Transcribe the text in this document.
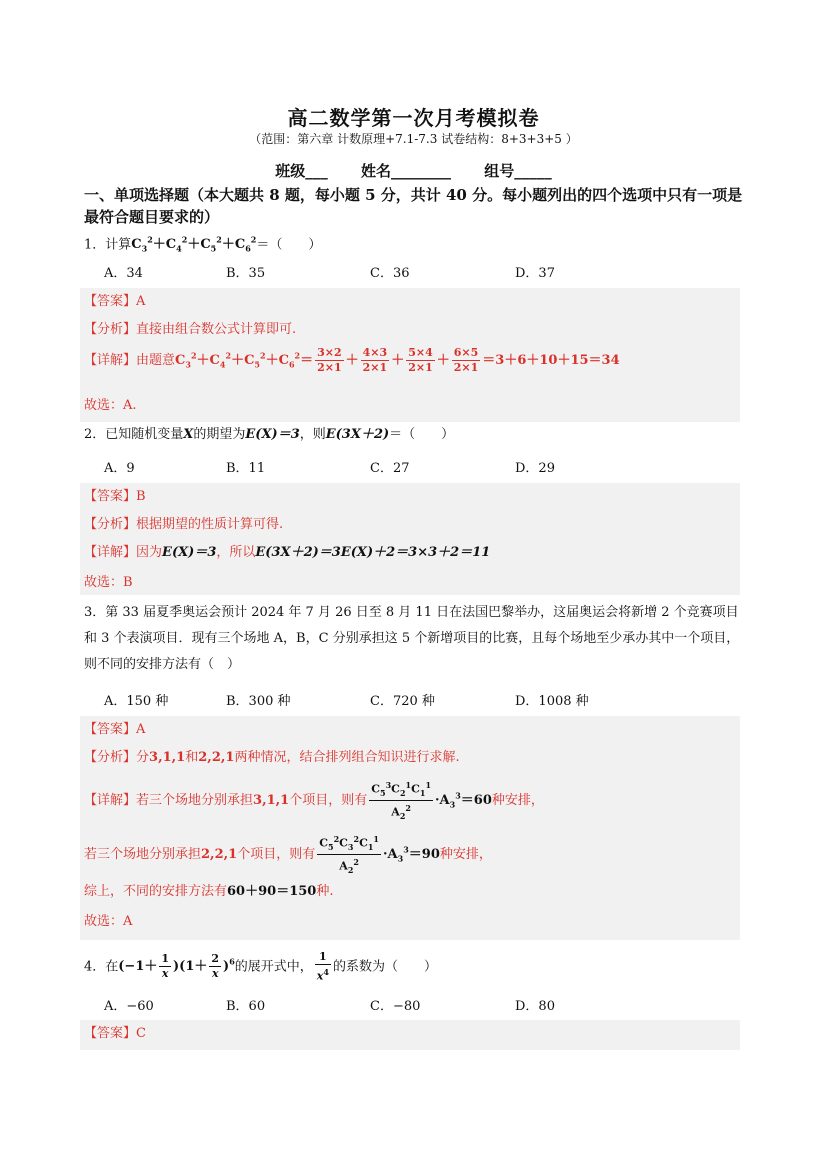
高二数学第一次月考模拟卷
（范围：第六章 计数原理+7.1-7.3 试卷结构：8+3+3+5 ）
班级___ 姓名________ 组号_____
一、单项选择题（本大题共 8 题，每小题 5 分，共计 40 分。每小题列出的四个选项中只有一项是最符合题目要求的）
1．计算$C_3^2+C_4^2+C_5^2+C_6^2=$（　　）
A．34	B．35	C．36	D．37
【答案】A
【分析】直接由组合数公式计算即可.
【详解】由题意$C_3^2+C_4^2+C_5^2+C_6^2= \frac{3\times 2}{2\times 1} + \frac{4\times 3}{2\times 1} + \frac{5\times 4}{2\times 1} + \frac{6\times 5}{2\times 1} =3+6+10+15=34$
故选：A.
2．已知随机变量X的期望为E(X)＝3，则E(3X＋2)＝（　　）
A．9	B．11	C．27	D．29
【答案】B
【分析】根据期望的性质计算可得.
【详解】因为E(X)＝3，所以E(3X＋2)＝3E(X)＋2＝3×3＋2＝11
故选：B
3．第 33 届夏季奥运会预计 2024 年 7 月 26 日至 8 月 11 日在法国巴黎举办，这届奥运会将新增 2 个竞赛项目和 3 个表演项目．现有三个场地 A，B，C 分别承担这 5 个新增项目的比赛，且每个场地至少承办其中一个项目，则不同的安排方法有（　）
A．150 种	B．300 种	C．720 种	D．1008 种
【答案】A
【分析】分3,1,1和2,2,1两种情况，结合排列组合知识进行求解.
【详解】若三个场地分别承担3,1,1个项目，则有 $\frac{C_5^3C_2^1C_1^1}{A_2^2} \cdot A_3^3=60$种安排，
若三个场地分别承担2,2,1个项目，则有 $\frac{C_5^2C_3^2C_1^1}{A_2^2} \cdot A_3^3=90$种安排，
综上，不同的安排方法有60＋90＝150种.
故选：A
4．在$(-1+ \frac{1}{x} )(1+ \frac{2}{x} )^6$的展开式中， $\frac{1}{x^4}$ 的系数为（　　）
A．−60	B．60	C．−80	D．80
【答案】C
